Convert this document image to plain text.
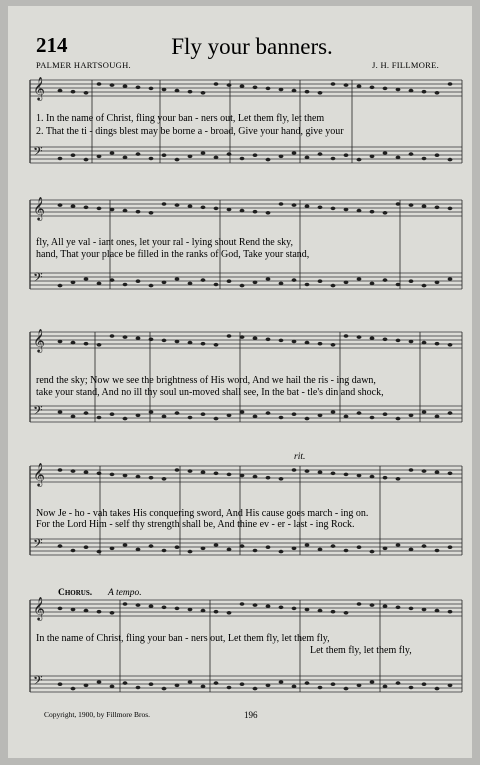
𝄞
𝄢
𝄞
𝄢
𝄞
𝄢
𝄞
𝄢
𝄞
𝄢
214	Fly your banners.
PALMER HARTSOUGH.	J. H. FILLMORE.
1. In the name of Christ, fling your ban - ners out, Let them fly, let them
2. That the ti - dings blest may be borne a - broad, Give your hand, give your
fly, All ye val - iant ones, let your ral - lying shout Rend the sky,
hand, That your place be filled in the ranks of God, Take your stand,
rend the sky; Now we see the brightness of His word, And we hail the ris - ing dawn,
take your stand, And no ill thy soul un-moved shall see, In the bat - tle's din and shock,
rit.
Now Je - ho - vah takes His conquering sword, And His cause goes march - ing on.
For the Lord Him - self thy strength shall be, And thine ev - er - last - ing Rock.
Chorus. A tempo.
In the name of Christ, fling your ban - ners out, Let them fly, let them fly,
Let them fly, let them fly,
Copyright, 1900, by Fillmore Bros.	196
